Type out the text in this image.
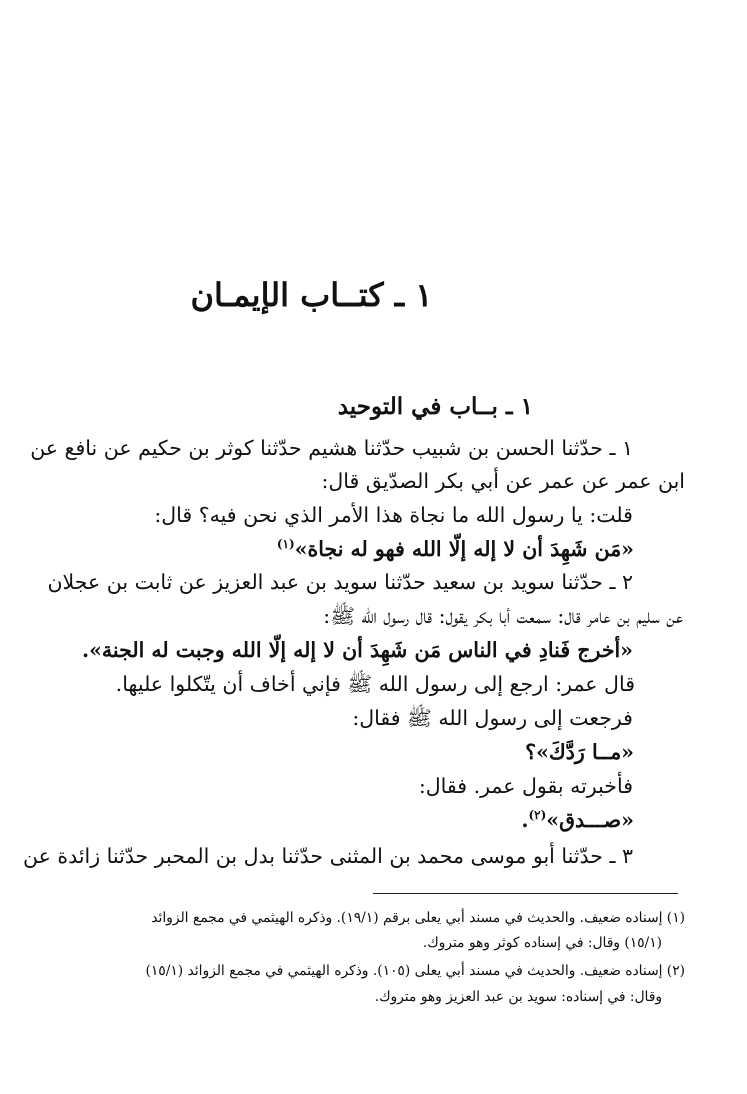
١ ـ كتــاب الإيمـان
١ ـ بــاب في التوحيد
١ ـ حدّثنا الحسن بن شبيب حدّثنا هشيم حدّثنا كوثر بن حكيم عن نافع عن
ابن عمر عن عمر عن أبي بكر الصدّيق قال:
قلت: يا رسول الله ما نجاة هذا الأمر الذي نحن فيه؟ قال:
«مَن شَهِدَ أن لا إله إلّا الله فهو له نجاة»$^{(١)}$
٢ ـ حدّثنا سويد بن سعيد حدّثنا سويد بن عبد العزيز عن ثابت بن عجلان
عن سليم بن عامر قال: سمعت أبا بكر يقول: قال رسول الله ﷺ:
«أخرج فَنادِ في الناس مَن شَهِدَ أن لا إله إلّا الله وجبت له الجنة».
قال عمر: ارجع إلى رسول الله ﷺ فإني أخاف أن يتّكلوا عليها.
فرجعت إلى رسول الله ﷺ فقال:
«مــا رَدَّكَ»؟
فأخبرته بقول عمر. فقال:
«صـــدق»$^{(٢)}$.
٣ ـ حدّثنا أبو موسى محمد بن المثنى حدّثنا بدل بن المحبر حدّثنا زائدة عن
(١) إسناده ضعيف. والحديث في مسند أبي يعلى برقم (١٩/١). وذكره الهيثمي في مجمع الزوائد
(١٥/١) وقال: في إسناده كوثر وهو متروك.
(٢) إسناده ضعيف. والحديث في مسند أبي يعلى (١٠٥). وذكره الهيثمي في مجمع الزوائد (١٥/١)
وقال: في إسناده: سويد بن عبد العزيز وهو متروك.
